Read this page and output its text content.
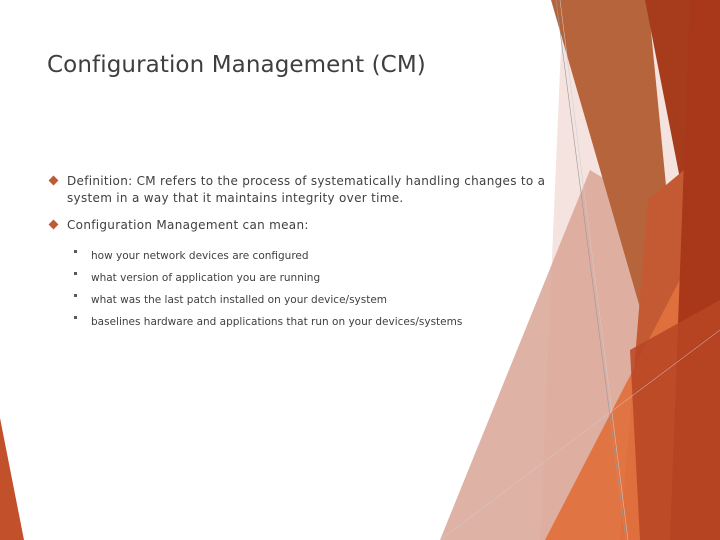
Configuration Management (CM)
Definition: CM refers to the process of systematically handling changes to a system in a way that it maintains integrity over time.
Configuration Management can mean:
how your network devices are configured
what version of application you are running
what was the last patch installed on your device/system
baselines hardware and applications that run on your devices/systems
